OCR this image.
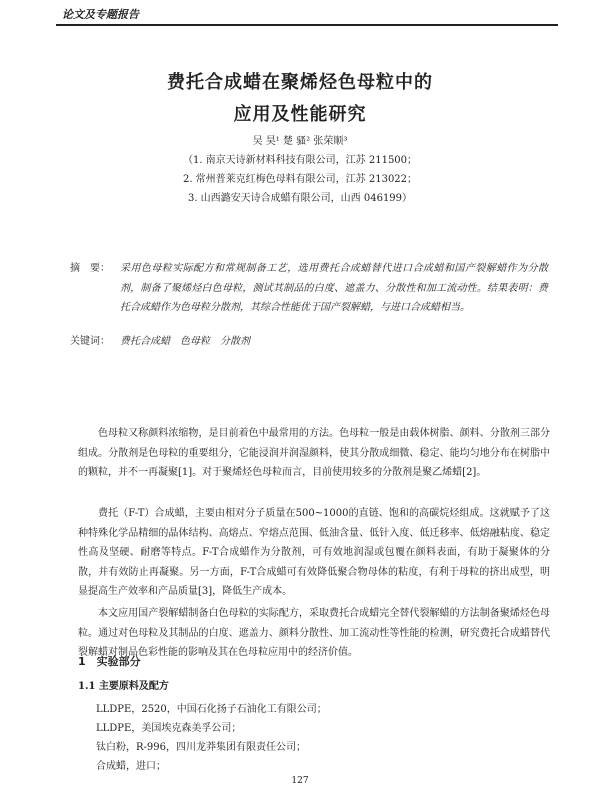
论文及专题报告
费托合成蜡在聚烯烃色母粒中的
应用及性能研究
吴 昊¹ 楚 骚² 张荣顺³
（1. 南京天诗新材料科技有限公司，江苏 211500；
2. 常州普莱克红梅色母料有限公司，江苏 213022；
3. 山西潞安天诗合成蜡有限公司，山西 046199）
摘　要： 采用色母粒实际配方和常规制备工艺，选用费托合成蜡替代进口合成蜡和国产裂解蜡作为分散剂，制备了聚烯烃白色母粒，测试其制品的白度、遮盖力、分散性和加工流动性。结果表明：费托合成蜡作为色母粒分散剂，其综合性能优于国产裂解蜡，与进口合成蜡相当。
关键词： 费托合成蜡　色母粒　分散剂

色母粒又称颜料浓缩物，是目前着色中最常用的方法。色母粒一般是由载体树脂、颜料、分散剂三部分组成。分散剂是色母粒的重要组分，它能浸润并润湿颜料，使其分散成细微、稳定、能均匀地分布在树脂中的颗粒，并不一再凝聚[1]。对于聚烯烃色母粒而言，目前使用较多的分散剂是聚乙烯蜡[2]。

费托（F-T）合成蜡，主要由相对分子质量在500~1000的直链、饱和的高碳烷烃组成。这就赋予了这种特殊化学品精细的晶体结构、高熔点、窄熔点范围、低油含量、低针入度、低迁移率、低熔融粘度、稳定性高及坚硬、耐磨等特点。F-T合成蜡作为分散剂，可有效地润湿或包覆在颜料表面，有助于凝聚体的分散，并有效防止再凝聚。另一方面，F-T合成蜡可有效降低聚合物母体的粘度，有利于母粒的挤出成型，明显提高生产效率和产品质量[3]，降低生产成本。

本文应用国产裂解蜡制备白色母粒的实际配方，采取费托合成蜡完全替代裂解蜡的方法制备聚烯烃色母粒。通过对色母粒及其制品的白度、遮盖力、颜料分散性、加工流动性等性能的检测，研究费托合成蜡替代裂解蜡对制品色彩性能的影响及其在色母粒应用中的经济价值。

1　实验部分
1.1 主要原料及配方
LLDPE，2520，中国石化扬子石油化工有限公司；
LLDPE，美国埃克森美孚公司；
钛白粉，R-996，四川龙莽集团有限责任公司；
合成蜡，进口；
127
